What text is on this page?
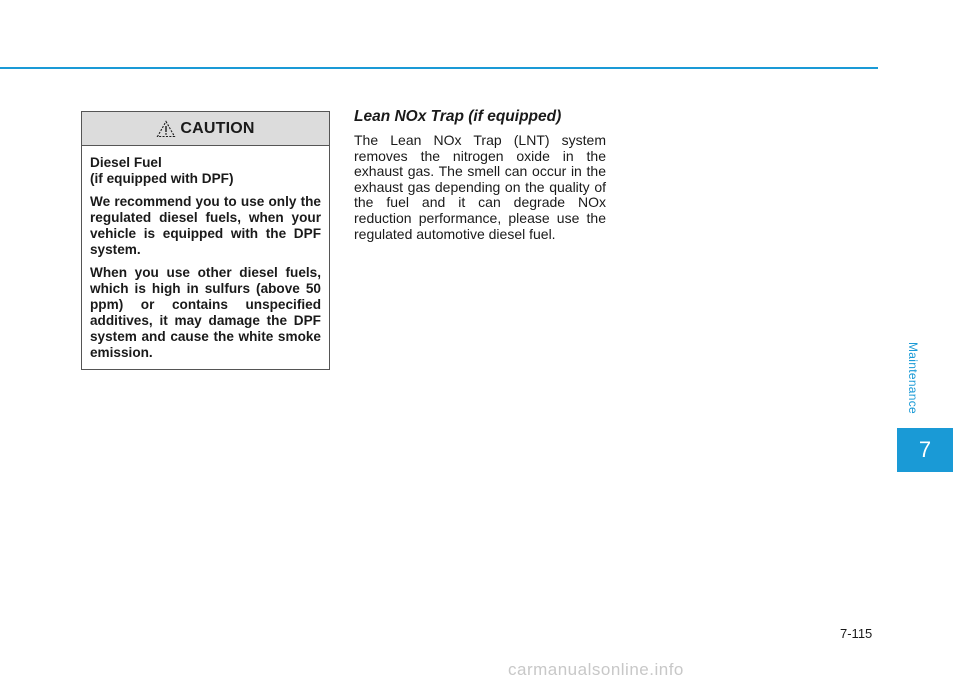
CAUTION

Diesel Fuel

(if equipped with DPF)

We recommend you to use only the regulated diesel fuels, when your vehicle is equipped with the DPF system.

When you use other diesel fuels, which is high in sulfurs (above 50 ppm) or contains unspecified additives, it may damage the DPF system and cause the white smoke emission.

Lean NOx Trap (if equipped)

The Lean NOx Trap (LNT) system removes the nitrogen oxide in the exhaust gas. The smell can occur in the exhaust gas depending on the quality of the fuel and it can degrade NOx reduction performance, please use the regulated automotive diesel fuel.

Maintenance
7
7-115
carmanualsonline.info
